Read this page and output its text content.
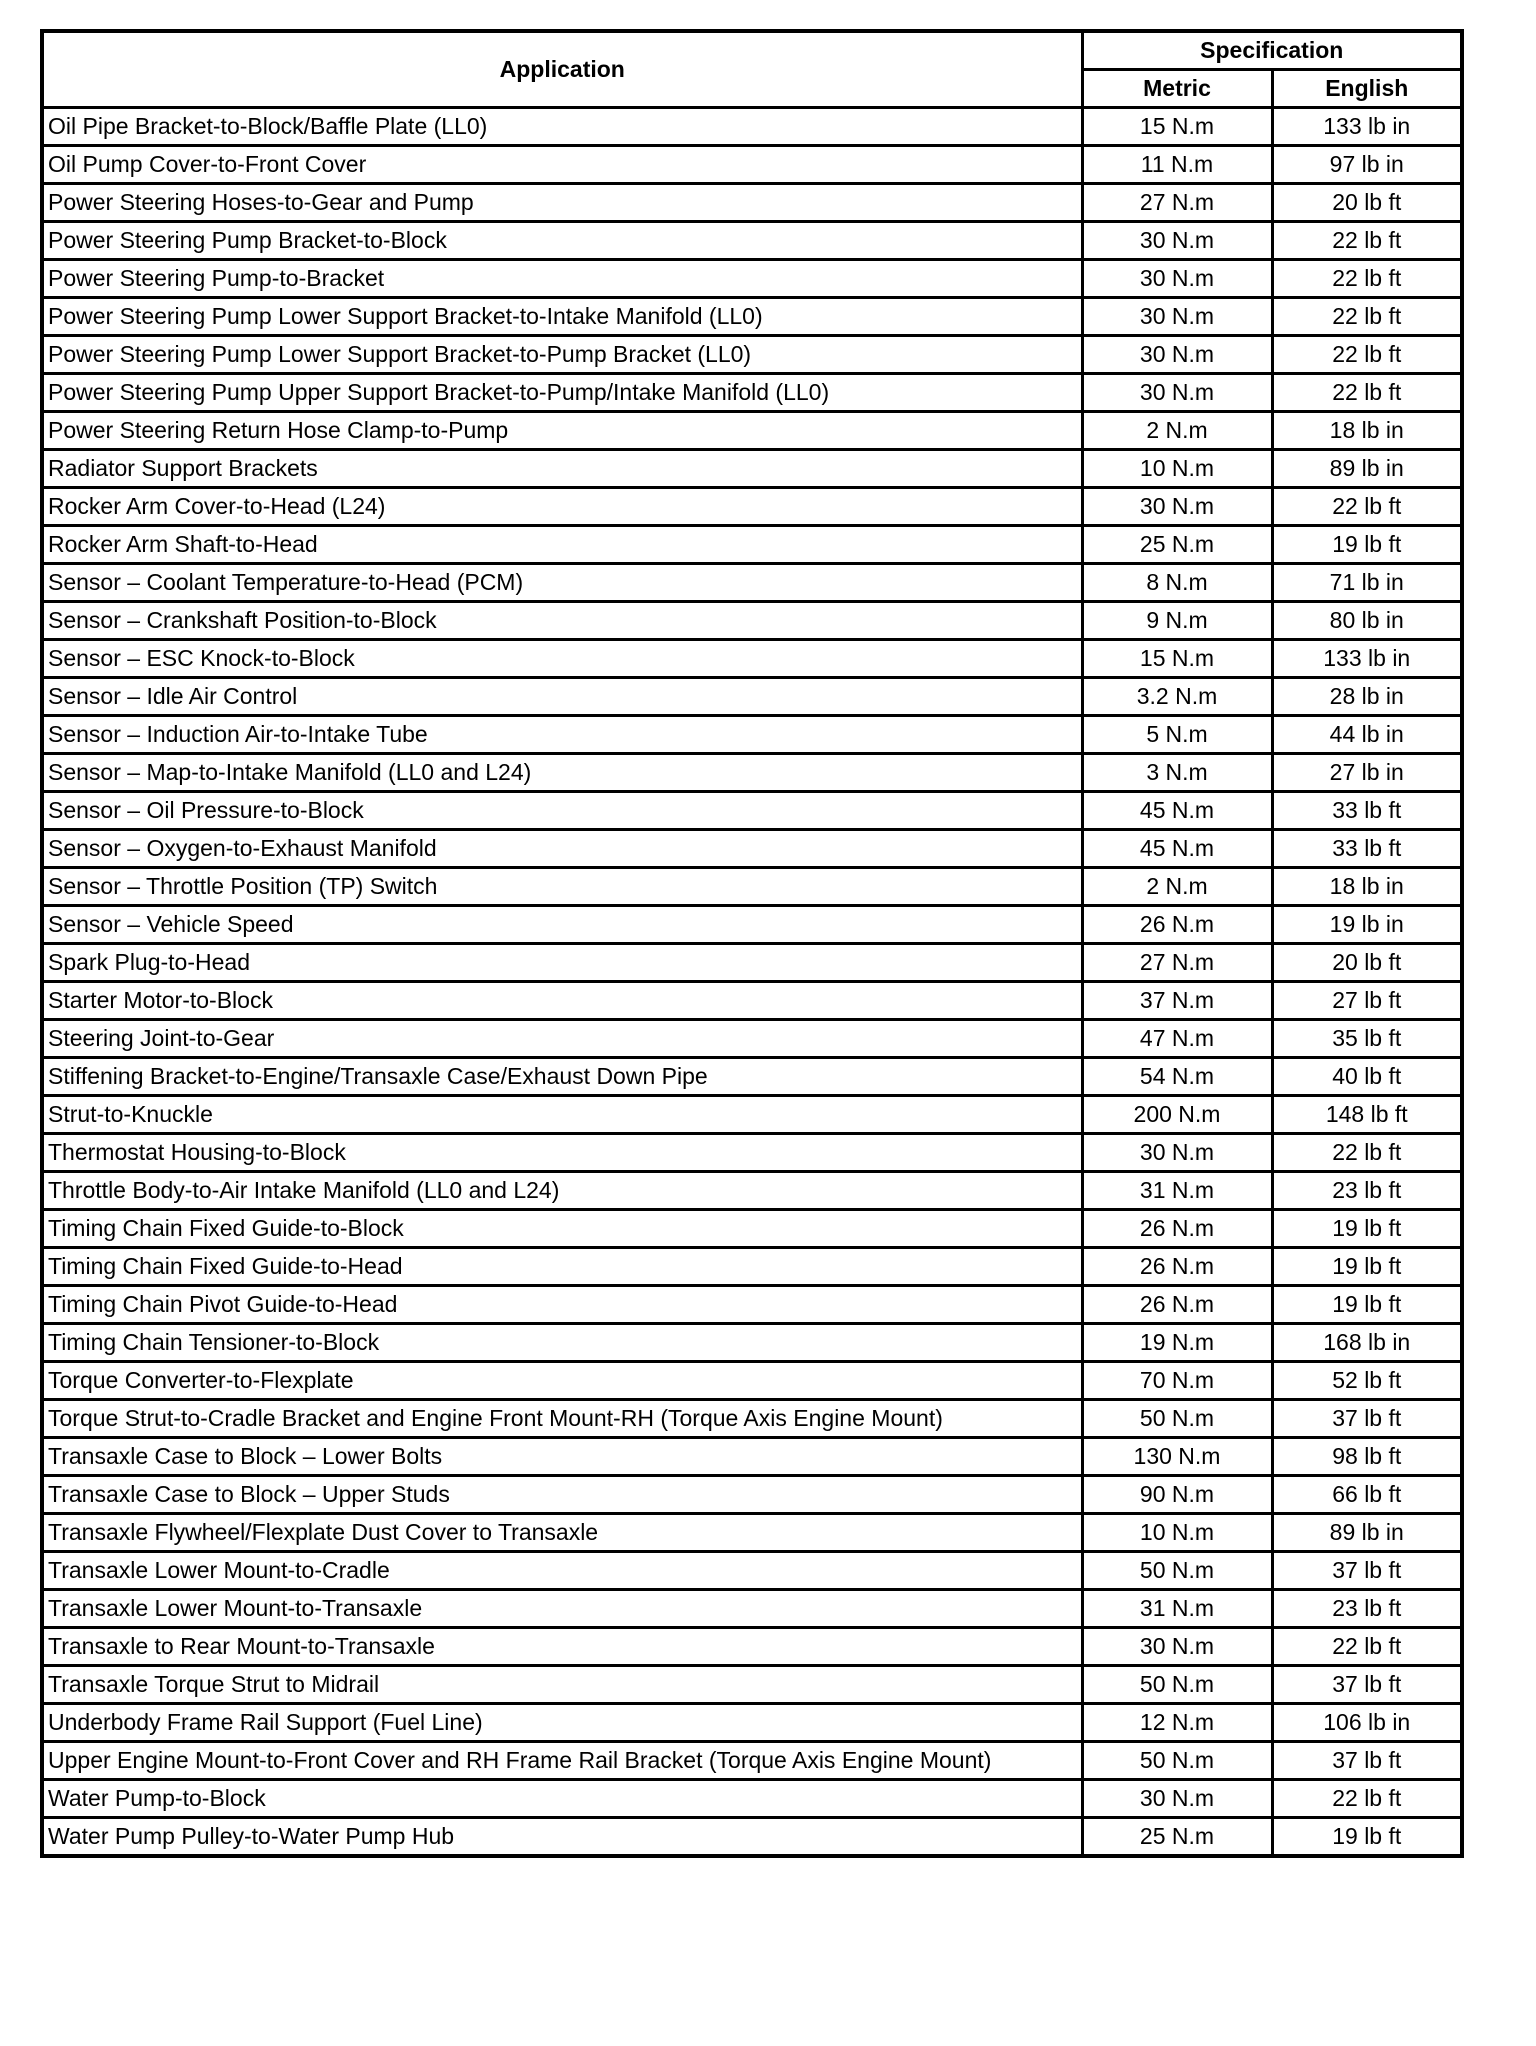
Application	Specification	
	Metric	English
Oil Pipe Bracket-to-Block/Baffle Plate (LL0)	15 N.m	133 lb in
Oil Pump Cover-to-Front Cover	11 N.m	97 lb in
Power Steering Hoses-to-Gear and Pump	27 N.m	20 lb ft
Power Steering Pump Bracket-to-Block	30 N.m	22 lb ft
Power Steering Pump-to-Bracket	30 N.m	22 lb ft
Power Steering Pump Lower Support Bracket-to-Intake Manifold (LL0)	30 N.m	22 lb ft
Power Steering Pump Lower Support Bracket-to-Pump Bracket (LL0)	30 N.m	22 lb ft
Power Steering Pump Upper Support Bracket-to-Pump/Intake Manifold (LL0)	30 N.m	22 lb ft
Power Steering Return Hose Clamp-to-Pump	2 N.m	18 lb in
Radiator Support Brackets	10 N.m	89 lb in
Rocker Arm Cover-to-Head (L24)	30 N.m	22 lb ft
Rocker Arm Shaft-to-Head	25 N.m	19 lb ft
Sensor – Coolant Temperature-to-Head (PCM)	8 N.m	71 lb in
Sensor – Crankshaft Position-to-Block	9 N.m	80 lb in
Sensor – ESC Knock-to-Block	15 N.m	133 lb in
Sensor – Idle Air Control	3.2 N.m	28 lb in
Sensor – Induction Air-to-Intake Tube	5 N.m	44 lb in
Sensor – Map-to-Intake Manifold (LL0 and L24)	3 N.m	27 lb in
Sensor – Oil Pressure-to-Block	45 N.m	33 lb ft
Sensor – Oxygen-to-Exhaust Manifold	45 N.m	33 lb ft
Sensor – Throttle Position (TP) Switch	2 N.m	18 lb in
Sensor – Vehicle Speed	26 N.m	19 lb in
Spark Plug-to-Head	27 N.m	20 lb ft
Starter Motor-to-Block	37 N.m	27 lb ft
Steering Joint-to-Gear	47 N.m	35 lb ft
Stiffening Bracket-to-Engine/Transaxle Case/Exhaust Down Pipe	54 N.m	40 lb ft
Strut-to-Knuckle	200 N.m	148 lb ft
Thermostat Housing-to-Block	30 N.m	22 lb ft
Throttle Body-to-Air Intake Manifold (LL0 and L24)	31 N.m	23 lb ft
Timing Chain Fixed Guide-to-Block	26 N.m	19 lb ft
Timing Chain Fixed Guide-to-Head	26 N.m	19 lb ft
Timing Chain Pivot Guide-to-Head	26 N.m	19 lb ft
Timing Chain Tensioner-to-Block	19 N.m	168 lb in
Torque Converter-to-Flexplate	70 N.m	52 lb ft
Torque Strut-to-Cradle Bracket and Engine Front Mount-RH (Torque Axis Engine Mount)	50 N.m	37 lb ft
Transaxle Case to Block – Lower Bolts	130 N.m	98 lb ft
Transaxle Case to Block – Upper Studs	90 N.m	66 lb ft
Transaxle Flywheel/Flexplate Dust Cover to Transaxle	10 N.m	89 lb in
Transaxle Lower Mount-to-Cradle	50 N.m	37 lb ft
Transaxle Lower Mount-to-Transaxle	31 N.m	23 lb ft
Transaxle to Rear Mount-to-Transaxle	30 N.m	22 lb ft
Transaxle Torque Strut to Midrail	50 N.m	37 lb ft
Underbody Frame Rail Support (Fuel Line)	12 N.m	106 lb in
Upper Engine Mount-to-Front Cover and RH Frame Rail Bracket (Torque Axis Engine Mount)	50 N.m	37 lb ft
Water Pump-to-Block	30 N.m	22 lb ft
Water Pump Pulley-to-Water Pump Hub	25 N.m	19 lb ft
